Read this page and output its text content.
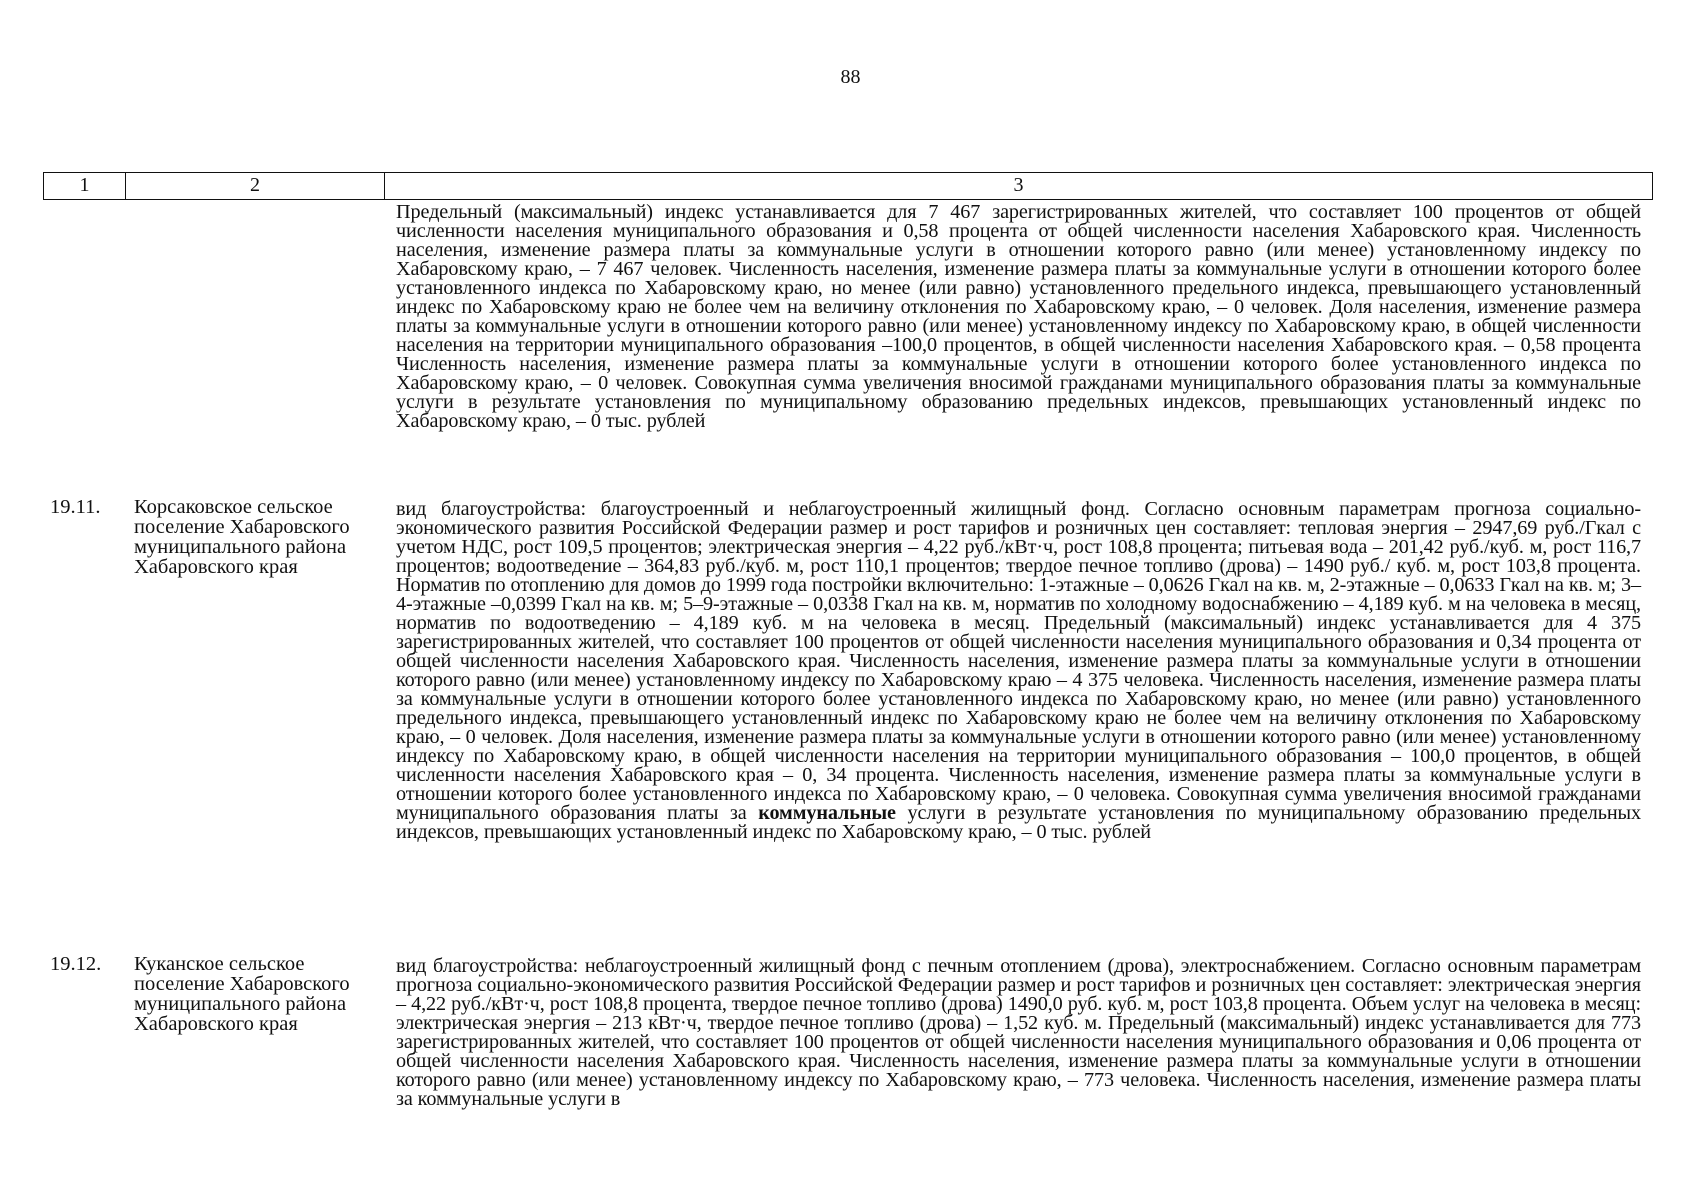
88
1	2	3

Предельный (максимальный) индекс устанавливается для 7 467 зарегистрированных жителей, что составляет 100 процентов от общей численности населения муниципального образования и 0,58 процента от общей численности населения Хабаровского края. Численность населения, изменение размера платы за коммунальные услуги в отношении которого равно (или менее) установленному индексу по Хабаровскому краю, – 7 467 человек. Численность населения, изменение размера платы за коммунальные услуги в отношении которого более установленного индекса по Хабаровскому краю, но менее (или равно) установленного предельного индекса, превышающего установленный индекс по Хабаровскому краю не более чем на величину отклонения по Хабаровскому краю, – 0 человек. Доля населения, изменение размера платы за коммунальные услуги в отношении которого равно (или менее) установленному индексу по Хабаровскому краю, в общей численности населения на территории муниципального образования –100,0 процентов, в общей численности населения Хабаровского края. – 0,58 процента Численность населения, изменение размера платы за коммунальные услуги в отношении которого более установленного индекса по Хабаровскому краю, – 0 человек. Совокупная сумма увеличения вносимой гражданами муниципального образования платы за коммунальные услуги в результате установления по муниципальному образованию предельных индексов, превышающих установленный индекс по Хабаровскому краю, – 0 тыс. рублей

19.11. Корсаковское сельское поселение Хабаровского муниципального района Хабаровского края

вид благоустройства: благоустроенный и неблагоустроенный жилищный фонд. Согласно основным параметрам прогноза социально-экономического развития Российской Федерации размер и рост тарифов и розничных цен составляет: тепловая энергия – 2947,69 руб./Гкал с учетом НДС, рост 109,5 процентов; электрическая энергия – 4,22 руб./кВт·ч, рост 108,8 процента; питьевая вода – 201,42 руб./куб. м, рост 116,7 процентов; водоотведение – 364,83 руб./куб. м, рост 110,1 процентов; твердое печное топливо (дрова) – 1490 руб./ куб. м, рост 103,8 процента. Норматив по отоплению для домов до 1999 года постройки включительно: 1-этажные – 0,0626 Гкал на кв. м, 2-этажные – 0,0633 Гкал на кв. м; 3–4-этажные –0,0399 Гкал на кв. м; 5–9-этажные – 0,0338 Гкал на кв. м, норматив по холодному водоснабжению – 4,189 куб. м на человека в месяц, норматив по водоотведению – 4,189 куб. м на человека в месяц. Предельный (максимальный) индекс устанавливается для 4 375 зарегистрированных жителей, что составляет 100 процентов от общей численности населения муниципального образования и 0,34 процента от общей численности населения Хабаровского края. Численность населения, изменение размера платы за коммунальные услуги в отношении которого равно (или менее) установленному индексу по Хабаровскому краю – 4 375 человека. Численность населения, изменение размера платы за коммунальные услуги в отношении которого более установленного индекса по Хабаровскому краю, но менее (или равно) установленного предельного индекса, превышающего установленный индекс по Хабаровскому краю не более чем на величину отклонения по Хабаровскому краю, – 0 человек. Доля населения, изменение размера платы за коммунальные услуги в отношении которого равно (или менее) установленному индексу по Хабаровскому краю, в общей численности населения на территории муниципального образования – 100,0 процентов, в общей численности населения Хабаровского края – 0, 34 процента. Численность населения, изменение размера платы за коммунальные услуги в отношении которого более установленного индекса по Хабаровскому краю, – 0 человека. Совокупная сумма увеличения вносимой гражданами муниципального образования платы за коммунальные услуги в результате установления по муниципальному образованию предельных индексов, превышающих установленный индекс по Хабаровскому краю, – 0 тыс. рублей

19.12. Куканское сельское поселение Хабаровского муниципального района Хабаровского края

вид благоустройства: неблагоустроенный жилищный фонд с печным отоплением (дрова), электроснабжением. Согласно основным параметрам прогноза социально-экономического развития Российской Федерации размер и рост тарифов и розничных цен составляет: электрическая энергия – 4,22 руб./кВт·ч, рост 108,8 процента, твердое печное топливо (дрова) 1490,0 руб. куб. м, рост 103,8 процента. Объем услуг на человека в месяц: электрическая энергия – 213 кВт·ч, твердое печное топливо (дрова) – 1,52 куб. м. Предельный (максимальный) индекс устанавливается для 773 зарегистрированных жителей, что составляет 100 процентов от общей численности населения муниципального образования и 0,06 процента от общей численности населения Хабаровского края. Численность населения, изменение размера платы за коммунальные услуги в отношении которого равно (или менее) установленному индексу по Хабаровскому краю, – 773 человека. Численность населения, изменение размера платы за коммунальные услуги в
